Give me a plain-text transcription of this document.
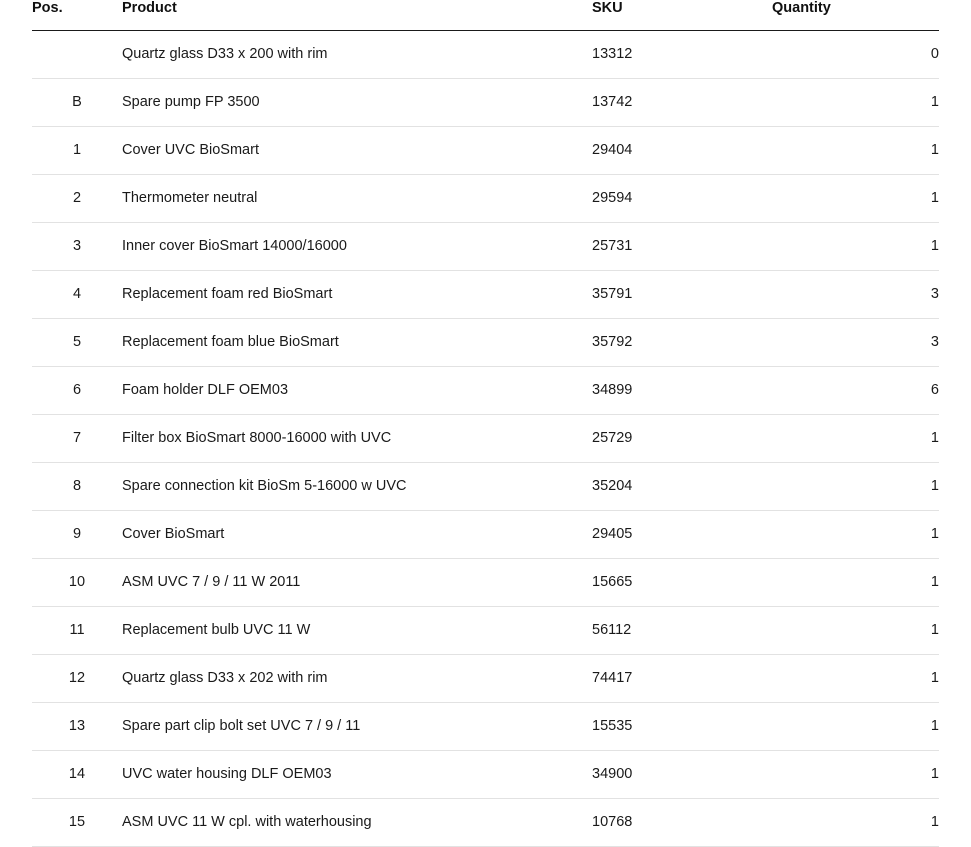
Pos.	Product	SKU	Quantity
	Quartz glass D33 x 200 with rim	13312	0
B	Spare pump FP 3500	13742	1
1	Cover UVC BioSmart	29404	1
2	Thermometer neutral	29594	1
3	Inner cover BioSmart 14000/16000	25731	1
4	Replacement foam red BioSmart	35791	3
5	Replacement foam blue BioSmart	35792	3
6	Foam holder DLF OEM03	34899	6
7	Filter box BioSmart 8000-16000 with UVC	25729	1
8	Spare connection kit BioSm 5-16000 w UVC	35204	1
9	Cover BioSmart	29405	1
10	ASM UVC 7 / 9 / 11 W 2011	15665	1
11	Replacement bulb UVC 11 W	56112	1
12	Quartz glass D33 x 202 with rim	74417	1
13	Spare part clip bolt set UVC 7 / 9 / 11	15535	1
14	UVC water housing DLF OEM03	34900	1
15	ASM UVC 11 W cpl. with waterhousing	10768	1
